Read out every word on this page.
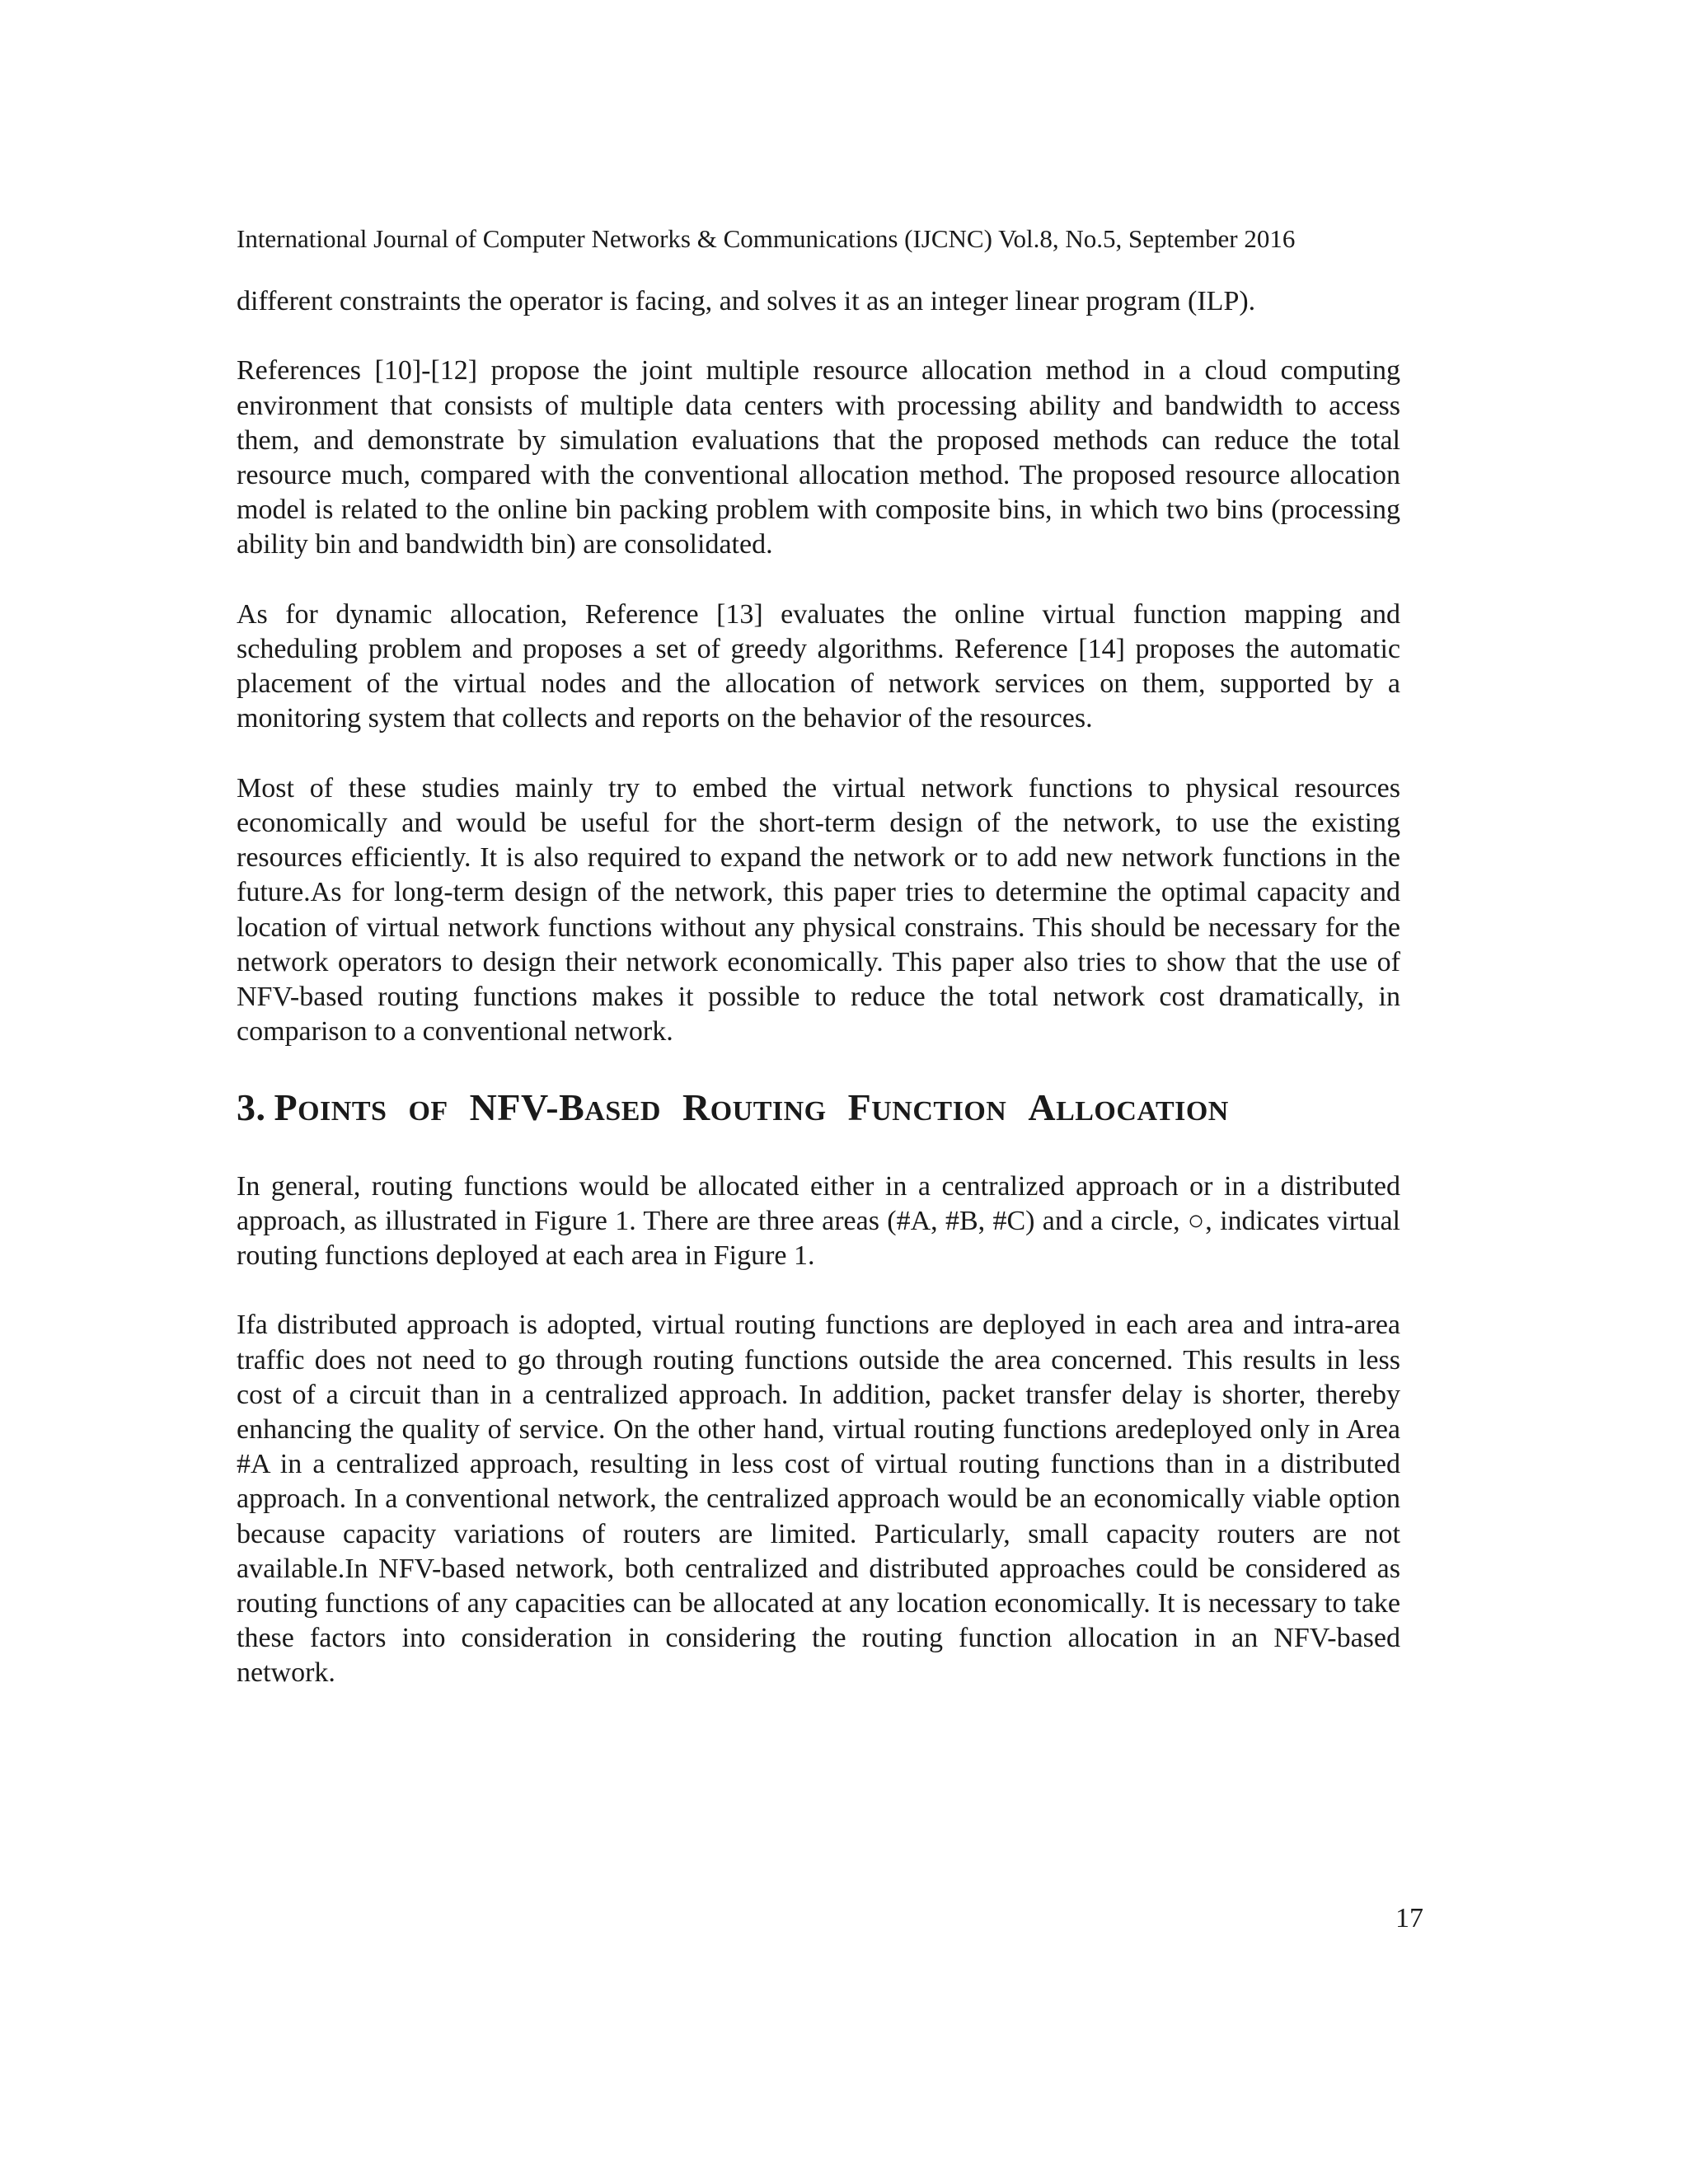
International Journal of Computer Networks & Communications (IJCNC) Vol.8, No.5, September 2016

different constraints the operator is facing, and solves it as an integer linear program (ILP).

References [10]-[12] propose the joint multiple resource allocation method in a cloud computing environment that consists of multiple data centers with processing ability and bandwidth to access them, and demonstrate by simulation evaluations that the proposed methods can reduce the total resource much, compared with the conventional allocation method. The proposed resource allocation model is related to the online bin packing problem with composite bins, in which two bins (processing ability bin and bandwidth bin) are consolidated.

As for dynamic allocation, Reference [13] evaluates the online virtual function mapping and scheduling problem and proposes a set of greedy algorithms. Reference [14] proposes the automatic placement of the virtual nodes and the allocation of network services on them, supported by a monitoring system that collects and reports on the behavior of the resources.

Most of these studies mainly try to embed the virtual network functions to physical resources economically and would be useful for the short-term design of the network, to use the existing resources efficiently. It is also required to expand the network or to add new network functions in the future.As for long-term design of the network, this paper tries to determine the optimal capacity and location of virtual network functions without any physical constrains. This should be necessary for the network operators to design their network economically. This paper also tries to show that the use of NFV-based routing functions makes it possible to reduce the total network cost dramatically, in comparison to a conventional network.

3. POINTS OF NFV-BASED ROUTING FUNCTION ALLOCATION

In general, routing functions would be allocated either in a centralized approach or in a distributed approach, as illustrated in Figure 1. There are three areas (#A, #B, #C) and a circle, ○, indicates virtual routing functions deployed at each area in Figure 1.

Ifa distributed approach is adopted, virtual routing functions are deployed in each area and intra-area traffic does not need to go through routing functions outside the area concerned. This results in less cost of a circuit than in a centralized approach. In addition, packet transfer delay is shorter, thereby enhancing the quality of service. On the other hand, virtual routing functions aredeployed only in Area #A in a centralized approach, resulting in less cost of virtual routing functions than in a distributed approach. In a conventional network, the centralized approach would be an economically viable option because capacity variations of routers are limited. Particularly, small capacity routers are not available.In NFV-based network, both centralized and distributed approaches could be considered as routing functions of any capacities can be allocated at any location economically. It is necessary to take these factors into consideration in considering the routing function allocation in an NFV-based network.

17
